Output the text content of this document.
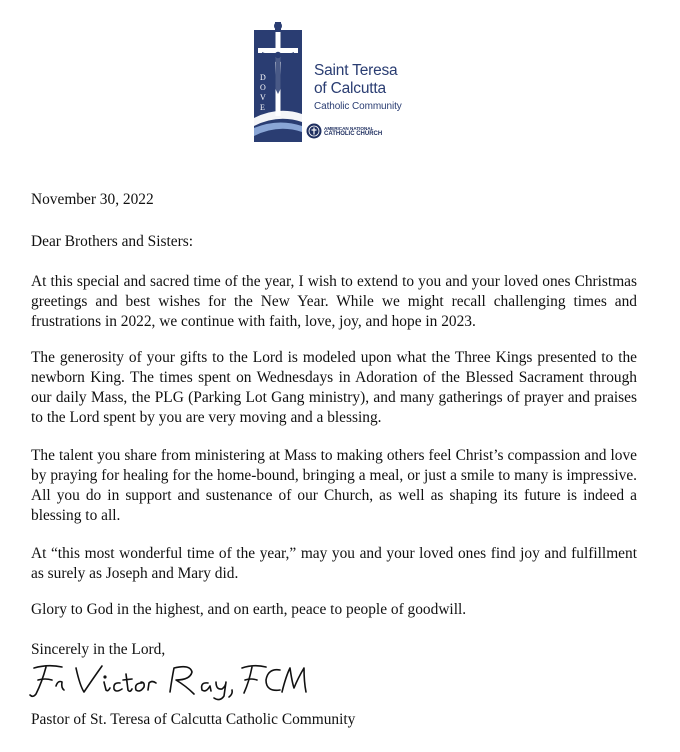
D
O
V
E
Saint Teresa
of Calcutta
Catholic Community
AMERICAN NATIONAL
CATHOLIC CHURCH
November 30, 2022
Dear Brothers and Sisters:
At this special and sacred time of the year, I wish to extend to you and your loved ones Christmas greetings and best wishes for the New Year. While we might recall challenging times and frustrations in 2022, we continue with faith, love, joy, and hope in 2023.
The generosity of your gifts to the Lord is modeled upon what the Three Kings presented to the newborn King. The times spent on Wednesdays in Adoration of the Blessed Sacrament through our daily Mass, the PLG (Parking Lot Gang ministry), and many gatherings of prayer and praises to the Lord spent by you are very moving and a blessing.
The talent you share from ministering at Mass to making others feel Christ’s compassion and love by praying for healing for the home-bound, bringing a meal, or just a smile to many is impressive. All you do in support and sustenance of our Church, as well as shaping its future is indeed a blessing to all.
At “this most wonderful time of the year,” may you and your loved ones find joy and fulfillment as surely as Joseph and Mary did.
Glory to God in the highest, and on earth, peace to people of goodwill.
Sincerely in the Lord,
Pastor of St. Teresa of Calcutta Catholic Community
